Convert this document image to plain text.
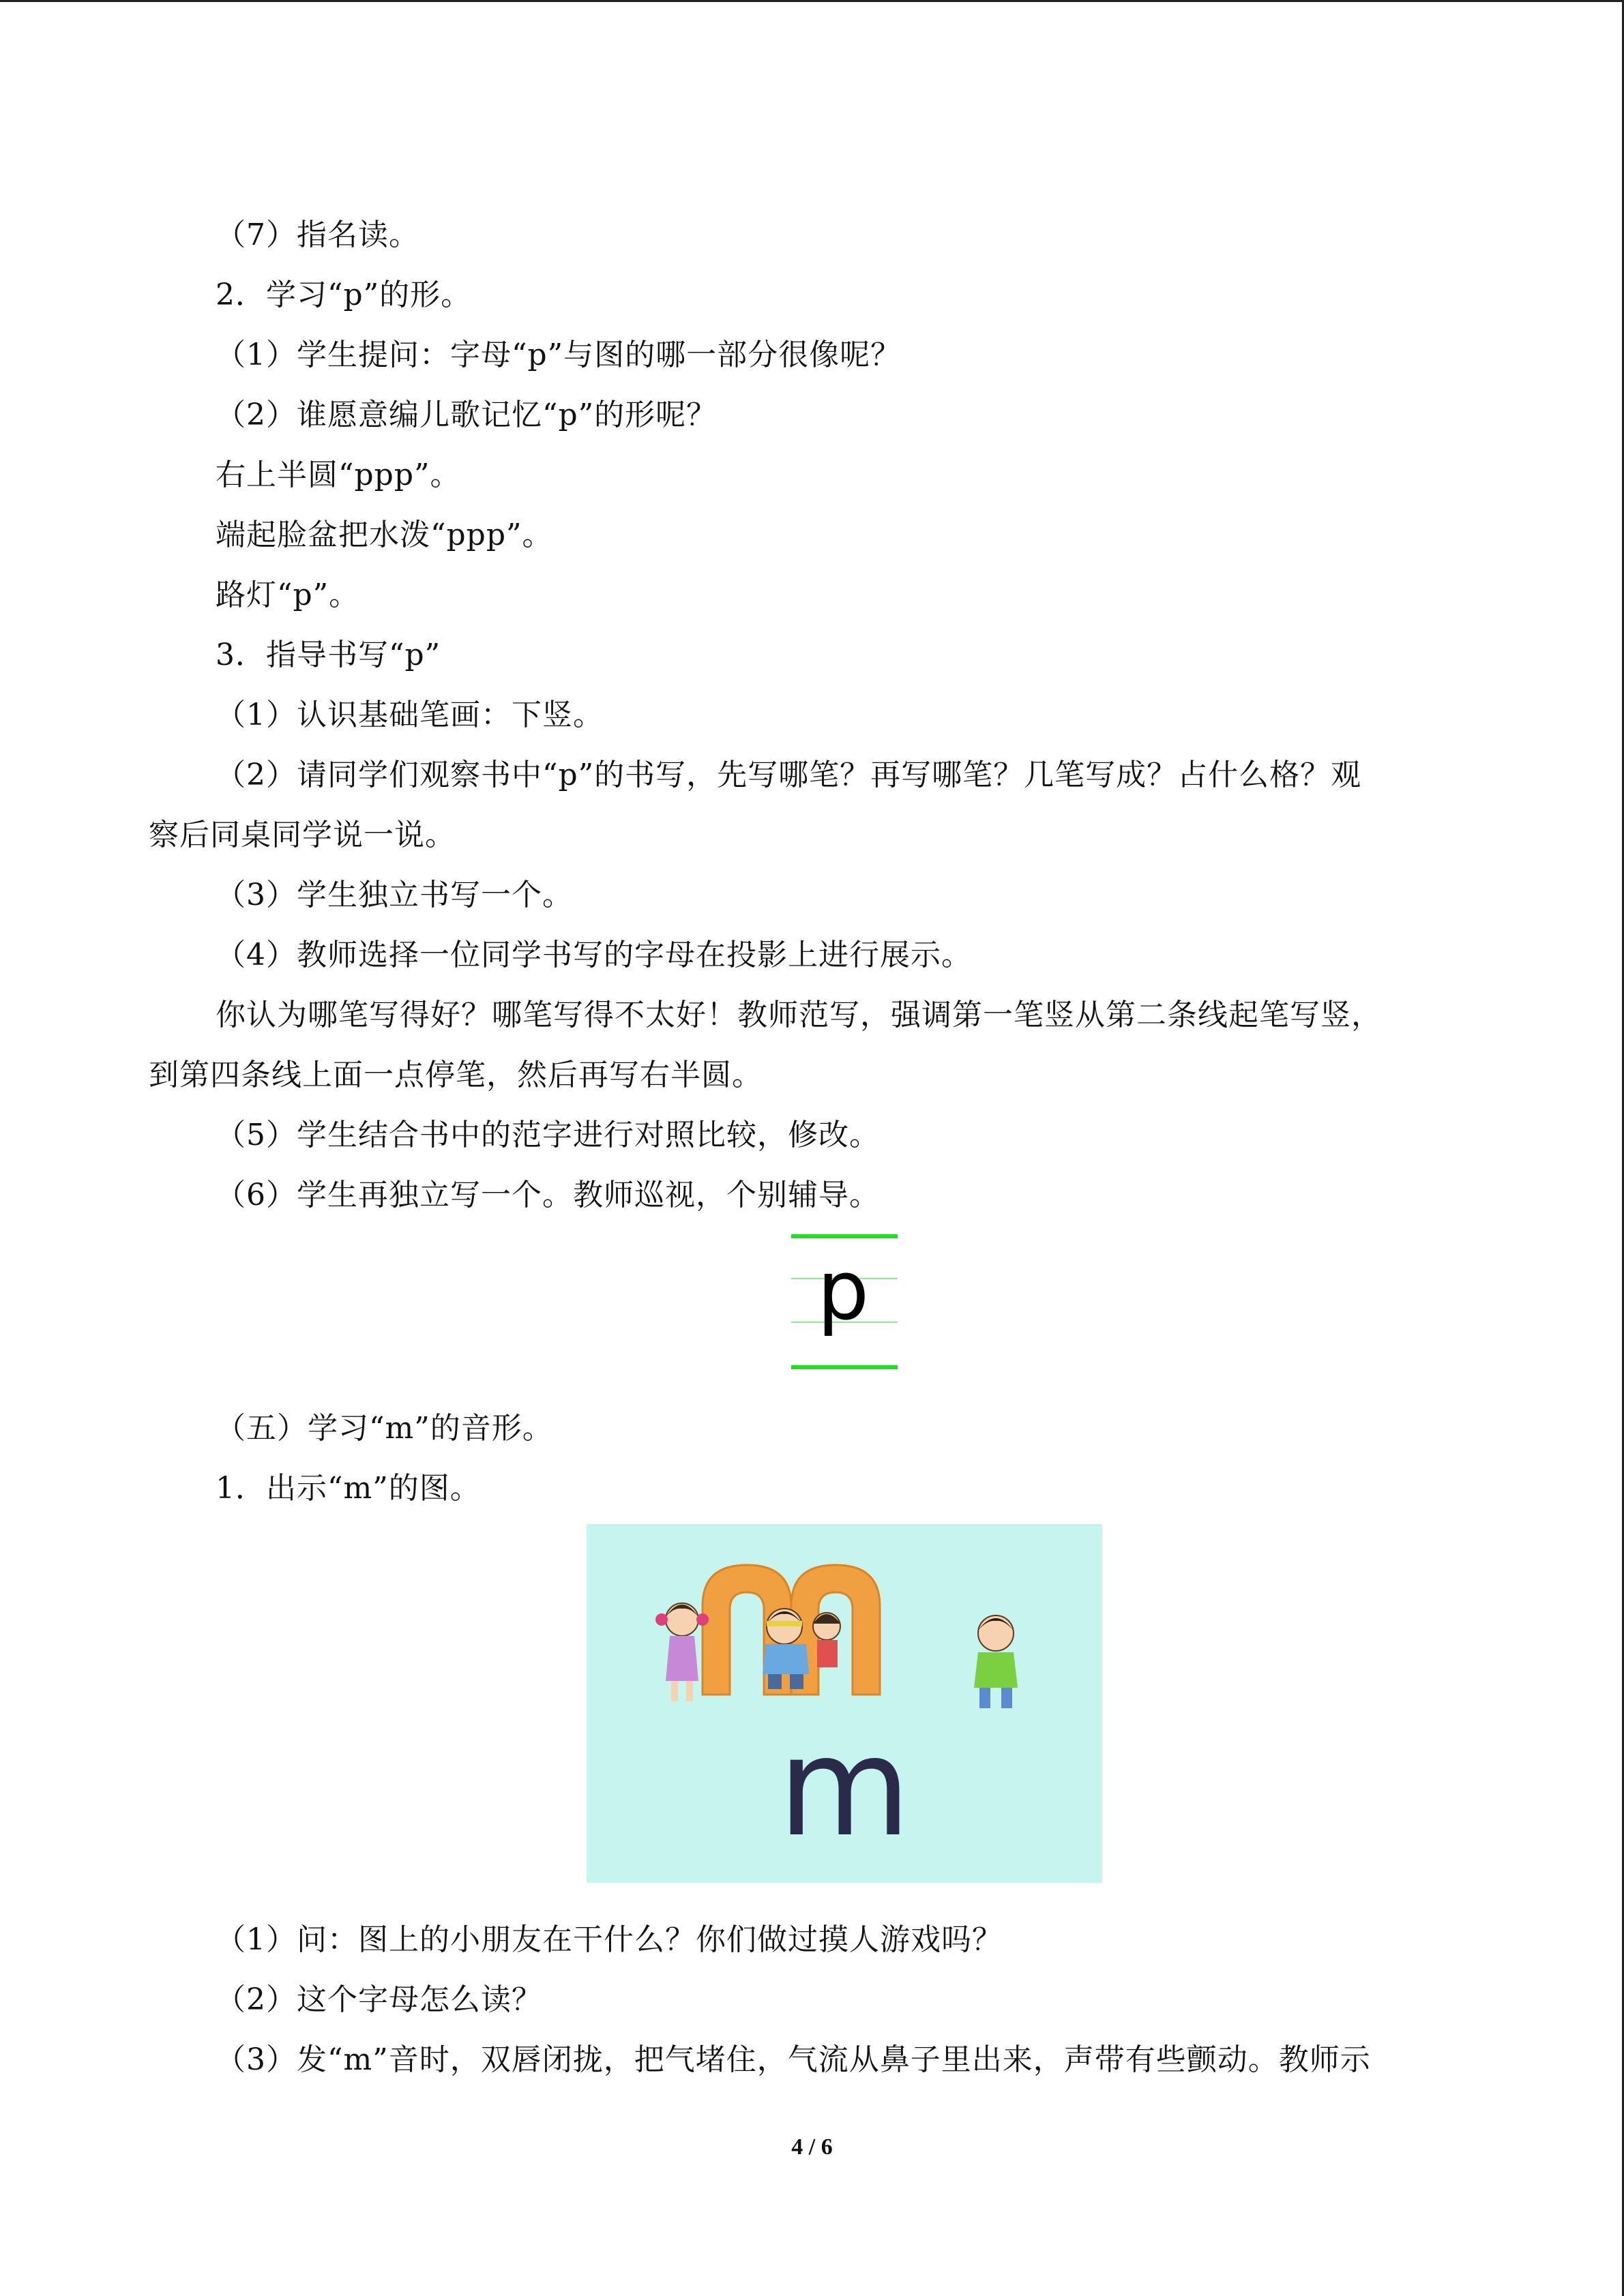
（7）指名读。
2．学习“p”的形。
（1）学生提问：字母“p”与图的哪一部分很像呢？
（2）谁愿意编儿歌记忆“p”的形呢？
右上半圆“ppp”。
端起脸盆把水泼“ppp”。
路灯“p”。
3．指导书写“p”
（1）认识基础笔画：下竖。
（2）请同学们观察书中“p”的书写，先写哪笔？再写哪笔？几笔写成？占什么格？观
察后同桌同学说一说。
（3）学生独立书写一个。
（4）教师选择一位同学书写的字母在投影上进行展示。
你认为哪笔写得好？哪笔写得不太好！教师范写，强调第一笔竖从第二条线起笔写竖，
到第四条线上面一点停笔，然后再写右半圆。
（5）学生结合书中的范字进行对照比较，修改。
（6）学生再独立写一个。教师巡视，个别辅导。
p
（五）学习“m”的音形。
1．出示“m”的图。
m
（1）问：图上的小朋友在干什么？你们做过摸人游戏吗？
（2）这个字母怎么读？
（3）发“m”音时，双唇闭拢，把气堵住，气流从鼻子里出来，声带有些颤动。教师示
4 / 6
